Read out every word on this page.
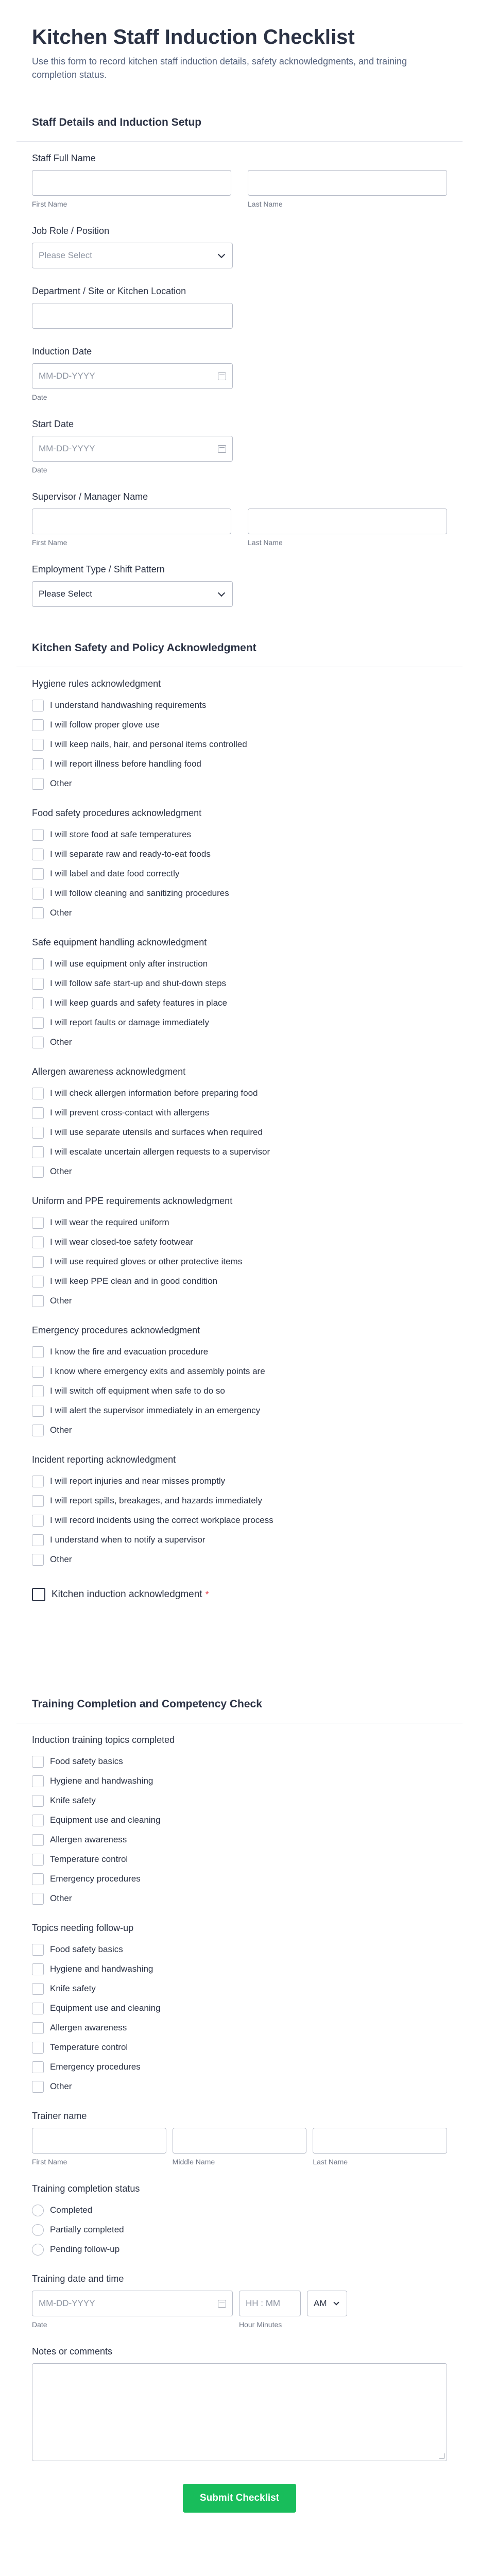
Kitchen Staff Induction Checklist

Use this form to record kitchen staff induction details, safety acknowledgments, and training completion status.

Staff Details and Induction Setup
Staff Full Name
First Name	Last Name
Job Role / Position
Please Select
Department / Site or Kitchen Location
Induction Date
MM-DD-YYYY
Date
Start Date
MM-DD-YYYY
Date
Supervisor / Manager Name
First Name	Last Name
Employment Type / Shift Pattern
Please Select
Kitchen Safety and Policy Acknowledgment
Hygiene rules acknowledgment
I understand handwashing requirements
I will follow proper glove use
I will keep nails, hair, and personal items controlled
I will report illness before handling food
Other
Food safety procedures acknowledgment
I will store food at safe temperatures
I will separate raw and ready-to-eat foods
I will label and date food correctly
I will follow cleaning and sanitizing procedures
Other
Safe equipment handling acknowledgment
I will use equipment only after instruction
I will follow safe start-up and shut-down steps
I will keep guards and safety features in place
I will report faults or damage immediately
Other
Allergen awareness acknowledgment
I will check allergen information before preparing food
I will prevent cross-contact with allergens
I will use separate utensils and surfaces when required
I will escalate uncertain allergen requests to a supervisor
Other
Uniform and PPE requirements acknowledgment
I will wear the required uniform
I will wear closed-toe safety footwear
I will use required gloves or other protective items
I will keep PPE clean and in good condition
Other
Emergency procedures acknowledgment
I know the fire and evacuation procedure
I know where emergency exits and assembly points are
I will switch off equipment when safe to do so
I will alert the supervisor immediately in an emergency
Other
Incident reporting acknowledgment
I will report injuries and near misses promptly
I will report spills, breakages, and hazards immediately
I will record incidents using the correct workplace process
I understand when to notify a supervisor
Other
Kitchen induction acknowledgment *
Training Completion and Competency Check
Induction training topics completed
Food safety basics
Hygiene and handwashing
Knife safety
Equipment use and cleaning
Allergen awareness
Temperature control
Emergency procedures
Other
Topics needing follow-up
Food safety basics
Hygiene and handwashing
Knife safety
Equipment use and cleaning
Allergen awareness
Temperature control
Emergency procedures
Other
Trainer name
First Name	Middle Name	Last Name
Training completion status
Completed
Partially completed
Pending follow-up
Training date and time
MM-DD-YYYY
Date
HH : MM
Hour Minutes
AM
Notes or comments
Submit Checklist
